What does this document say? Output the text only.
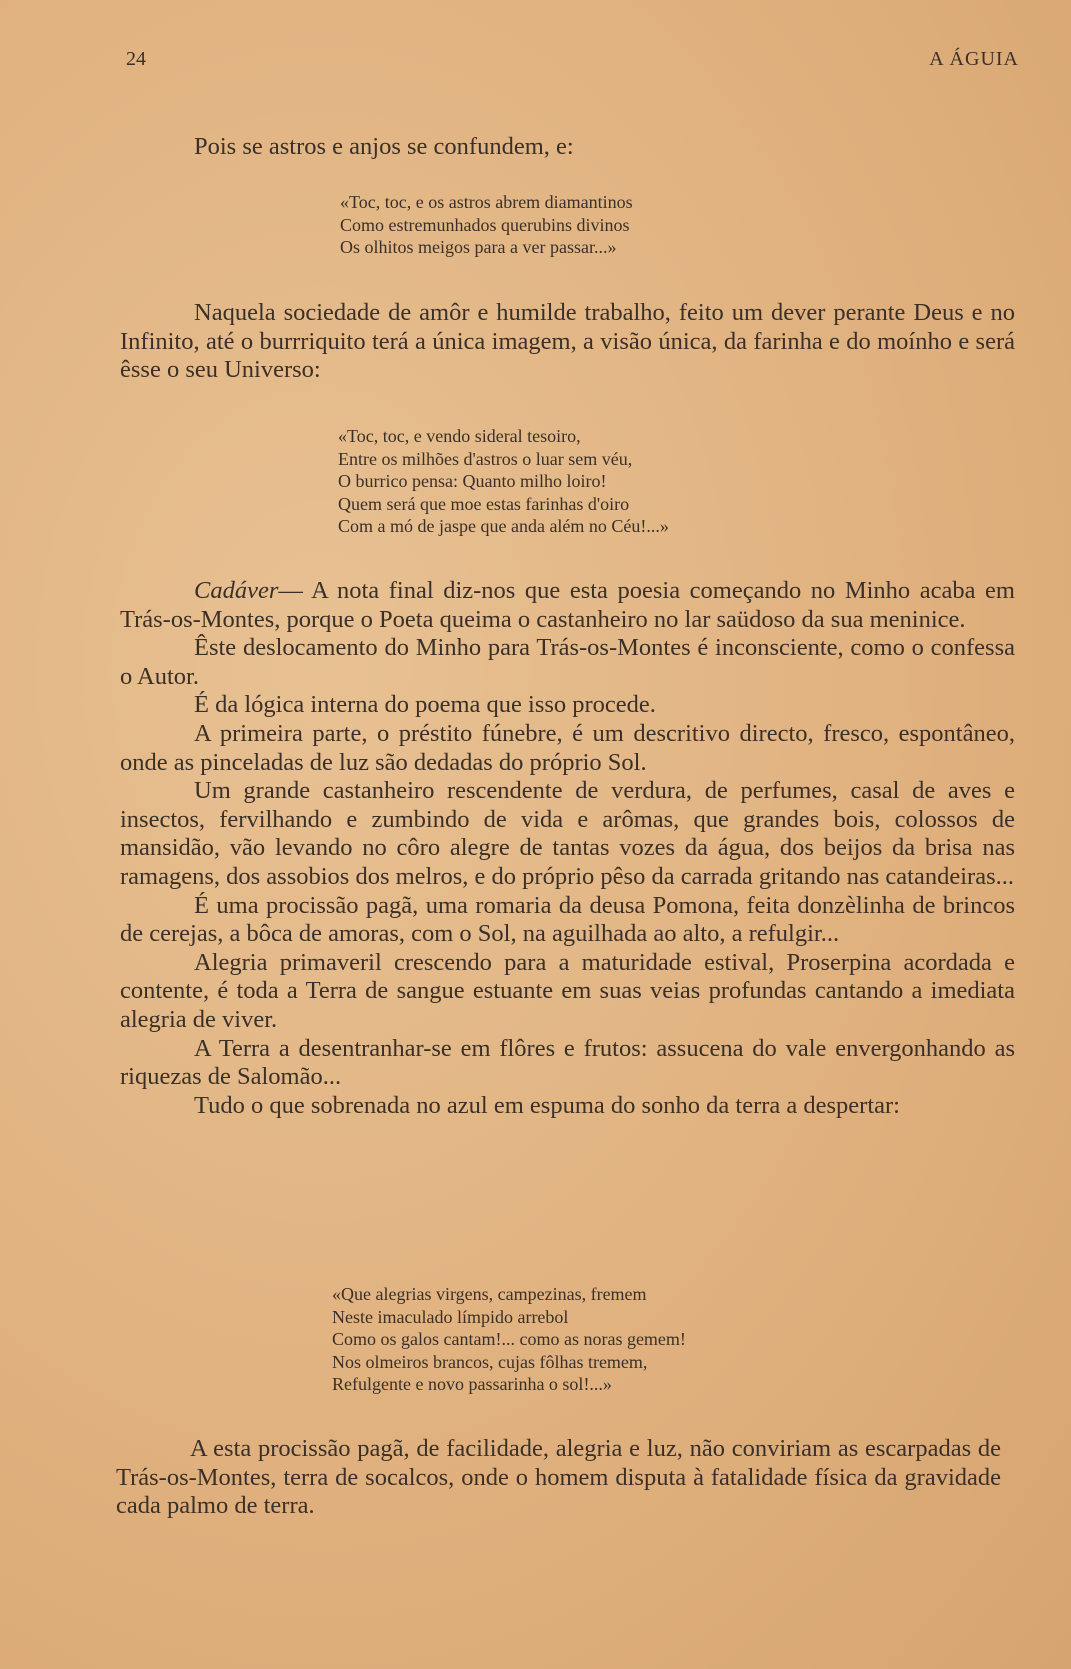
24	A ÁGUIA

Pois se astros e anjos se confundem, e:

«Toc, toc, e os astros abrem diamantinos
Como estremunhados querubins divinos
Os olhitos meigos para a ver passar...»

Naquela sociedade de amôr e humilde trabalho, feito um dever perante Deus e no Infinito, até o burrriquito terá a única imagem, a visão única, da farinha e do moínho e será êsse o seu Universo:

«Toc, toc, e vendo sideral tesoiro,
Entre os milhões d'astros o luar sem véu,
O burrico pensa: Quanto milho loiro!
Quem será que moe estas farinhas d'oiro
Com a mó de jaspe que anda além no Céu!...»

Cadáver— A nota final diz-nos que esta poesia começando no Minho acaba em Trás-os-Montes, porque o Poeta queima o castanheiro no lar saüdoso da sua meninice.

Êste deslocamento do Minho para Trás-os-Montes é inconsciente, como o confessa o Autor.

É da lógica interna do poema que isso procede.

A primeira parte, o préstito fúnebre, é um descritivo directo, fresco, espontâneo, onde as pinceladas de luz são dedadas do próprio Sol.

Um grande castanheiro rescendente de verdura, de perfumes, casal de aves e insectos, fervilhando e zumbindo de vida e arômas, que grandes bois, colossos de mansidão, vão levando no côro alegre de tantas vozes da água, dos beijos da brisa nas ramagens, dos assobios dos melros, e do próprio pêso da carrada gritando nas catandeiras...

É uma procissão pagã, uma romaria da deusa Pomona, feita donzèlinha de brincos de cerejas, a bôca de amoras, com o Sol, na aguilhada ao alto, a refulgir...

Alegria primaveril crescendo para a maturidade estival, Proserpina acordada e contente, é toda a Terra de sangue estuante em suas veias profundas cantando a imediata alegria de viver.

A Terra a desentranhar-se em flôres e frutos: assucena do vale envergonhando as riquezas de Salomão...

Tudo o que sobrenada no azul em espuma do sonho da terra a despertar:

«Que alegrias virgens, campezinas, fremem
Neste imaculado límpido arrebol
Como os galos cantam!... como as noras gemem!
Nos olmeiros brancos, cujas fôlhas tremem,
Refulgente e novo passarinha o sol!...»

A esta procissão pagã, de facilidade, alegria e luz, não conviriam as escarpadas de Trás-os-Montes, terra de socalcos, onde o homem disputa à fatalidade física da gravidade cada palmo de terra.
